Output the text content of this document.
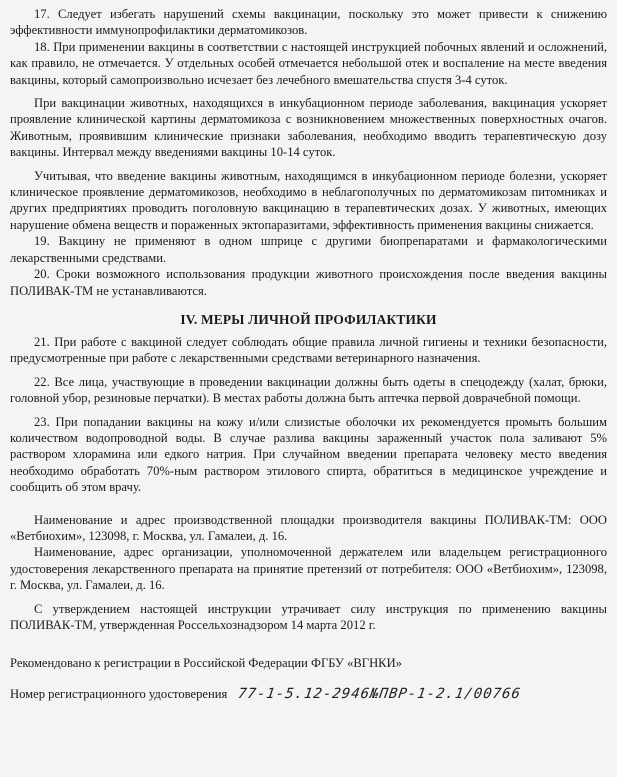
17. Следует избегать нарушений схемы вакцинации, поскольку это может привести к снижению эффективности иммунопрофилактики дерматомикозов.

18. При применении вакцины в соответствии с настоящей инструкцией побочных явлений и осложнений, как правило, не отмечается. У отдельных особей отмечается небольшой отек и воспаление на месте введения вакцины, который самопроизвольно исчезает без лечебного вмешательства спустя 3-4 суток.

При вакцинации животных, находящихся в инкубационном периоде заболевания, вакцинация ускоряет проявление клинической картины дерматомикоза с возникновением множественных поверхностных очагов. Животным, проявившим клинические признаки заболевания, необходимо вводить терапевтическую дозу вакцины. Интервал между введениями вакцины 10-14 суток.

Учитывая, что введение вакцины животным, находящимся в инкубационном периоде болезни, ускоряет клиническое проявление дерматомикозов, необходимо в неблагополучных по дерматомикозам питомниках и других предприятиях проводить поголовную вакцинацию в терапевтических дозах. У животных, имеющих нарушение обмена веществ и пораженных эктопаразитами, эффективность применения вакцины снижается.

19. Вакцину не применяют в одном шприце с другими биопрепаратами и фармакологическими лекарственными средствами.

20. Сроки возможного использования продукции животного происхождения после введения вакцины ПОЛИВАК-ТМ не устанавливаются.

IV. МЕРЫ ЛИЧНОЙ ПРОФИЛАКТИКИ

21. При работе с вакциной следует соблюдать общие правила личной гигиены и техники безопасности, предусмотренные при работе с лекарственными средствами ветеринарного назначения.

22. Все лица, участвующие в проведении вакцинации должны быть одеты в спецодежду (халат, брюки, головной убор, резиновые перчатки). В местах работы должна быть аптечка первой доврачебной помощи.

23. При попадании вакцины на кожу и/или слизистые оболочки их рекомендуется промыть большим количеством водопроводной воды. В случае разлива вакцины зараженный участок пола заливают 5% раствором хлорамина или едкого натрия. При случайном введении препарата человеку место введения необходимо обработать 70%-ным раствором этилового спирта, обратиться в медицинское учреждение и сообщить об этом врачу.

Наименование и адрес производственной площадки производителя вакцины ПОЛИВАК-ТМ: ООО «Ветбиохим», 123098, г. Москва, ул. Гамалеи, д. 16.

Наименование, адрес организации, уполномоченной держателем или владельцем регистрационного удостоверения лекарственного препарата на принятие претензий от потребителя: ООО «Ветбиохим», 123098, г. Москва, ул. Гамалеи, д. 16.

С утверждением настоящей инструкции утрачивает силу инструкция по применению вакцины ПОЛИВАК-ТМ, утвержденная Россельхознадзором 14 марта 2012 г.

Рекомендовано к регистрации в Российской Федерации ФГБУ «ВГНКИ»

Номер регистрационного удостоверения 77-1-5.12-2946№ПВР-1-2.1/00766
